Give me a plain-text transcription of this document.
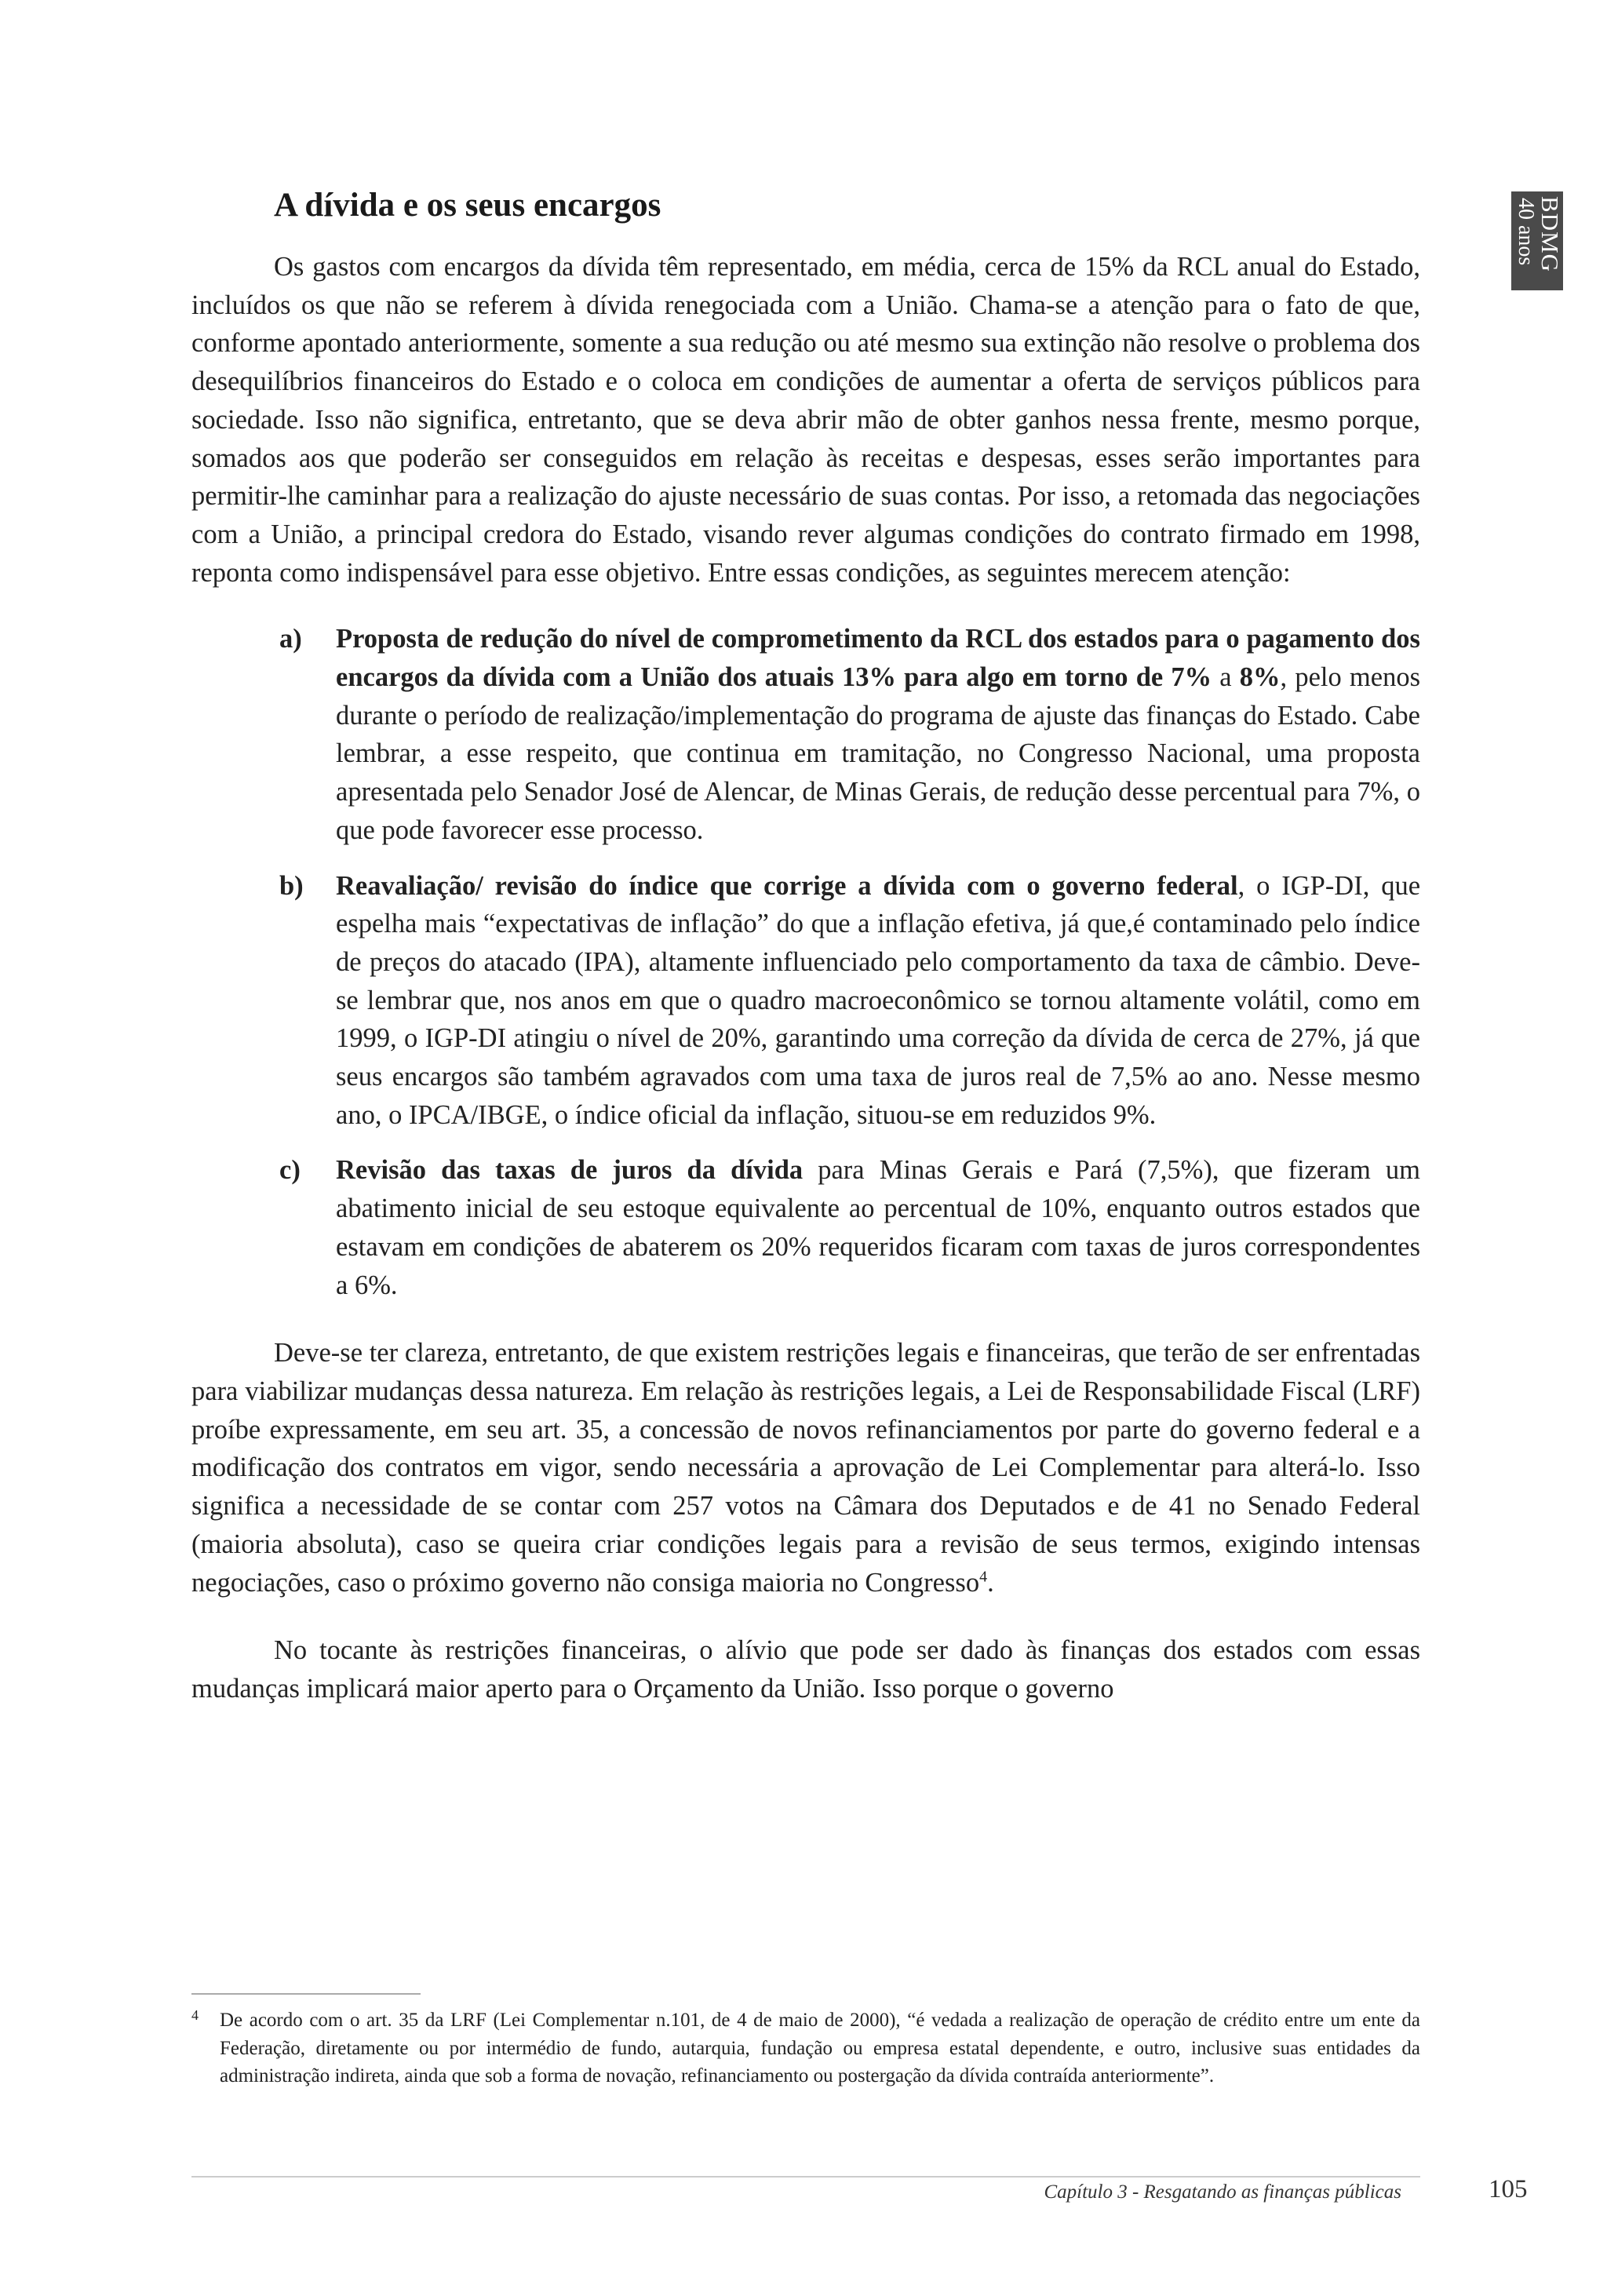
BDMG
40 anos
A dívida e os seus encargos

Os gastos com encargos da dívida têm representado, em média, cerca de 15% da RCL anual do Estado, incluídos os que não se referem à dívida renegociada com a União. Chama-se a atenção para o fato de que, conforme apontado anteriormente, somente a sua redução ou até mesmo sua extinção não resolve o problema dos desequilíbrios financeiros do Estado e o coloca em condições de aumentar a oferta de serviços públicos para sociedade. Isso não significa, entretanto, que se deva abrir mão de obter ganhos nessa frente, mesmo porque, somados aos que poderão ser conseguidos em relação às receitas e despesas, esses serão importantes para permitir-lhe caminhar para a realização do ajuste necessário de suas contas. Por isso, a retomada das negociações com a União, a principal credora do Estado, visando rever algumas condições do contrato firmado em 1998, reponta como indispensável para esse objetivo. Entre essas condições, as seguintes merecem atenção:

a) Proposta de redução do nível de comprometimento da RCL dos estados para o pagamento dos encargos da dívida com a União dos atuais 13% para algo em torno de 7% a 8%, pelo menos durante o período de realização/implementação do programa de ajuste das finanças do Estado. Cabe lembrar, a esse respeito, que continua em tramitação, no Congresso Nacional, uma proposta apresentada pelo Senador José de Alencar, de Minas Gerais, de redução desse percentual para 7%, o que pode favorecer esse processo.
b) Reavaliação/ revisão do índice que corrige a dívida com o governo federal, o IGP-DI, que espelha mais “expectativas de inflação” do que a inflação efetiva, já que,é contaminado pelo índice de preços do atacado (IPA), altamente influenciado pelo comportamento da taxa de câmbio. Deve-se lembrar que, nos anos em que o quadro macroeconômico se tornou altamente volátil, como em 1999, o IGP-DI atingiu o nível de 20%, garantindo uma correção da dívida de cerca de 27%, já que seus encargos são também agravados com uma taxa de juros real de 7,5% ao ano. Nesse mesmo ano, o IPCA/IBGE, o índice oficial da inflação, situou-se em reduzidos 9%.
c) Revisão das taxas de juros da dívida para Minas Gerais e Pará (7,5%), que fizeram um abatimento inicial de seu estoque equivalente ao percentual de 10%, enquanto outros estados que estavam em condições de abaterem os 20% requeridos ficaram com taxas de juros correspondentes a 6%.

Deve-se ter clareza, entretanto, de que existem restrições legais e financeiras, que terão de ser enfrentadas para viabilizar mudanças dessa natureza. Em relação às restrições legais, a Lei de Responsabilidade Fiscal (LRF) proíbe expressamente, em seu art. 35, a concessão de novos refinanciamentos por parte do governo federal e a modificação dos contratos em vigor, sendo necessária a aprovação de Lei Complementar para alterá-lo. Isso significa a necessidade de se contar com 257 votos na Câmara dos Deputados e de 41 no Senado Federal (maioria absoluta), caso se queira criar condições legais para a revisão de seus termos, exigindo intensas negociações, caso o próximo governo não consiga maioria no Congresso$^4$.

No tocante às restrições financeiras, o alívio que pode ser dado às finanças dos estados com essas mudanças implicará maior aperto para o Orçamento da União. Isso porque o governo

4	De acordo com o art. 35 da LRF (Lei Complementar n.101, de 4 de maio de 2000), “é vedada a realização de operação de crédito entre um ente da Federação, diretamente ou por intermédio de fundo, autarquia, fundação ou empresa estatal dependente, e outro, inclusive suas entidades da administração indireta, ainda que sob a forma de novação, refinanciamento ou postergação da dívida contraída anteriormente”.
Capítulo 3 - Resgatando as finanças públicas	105
